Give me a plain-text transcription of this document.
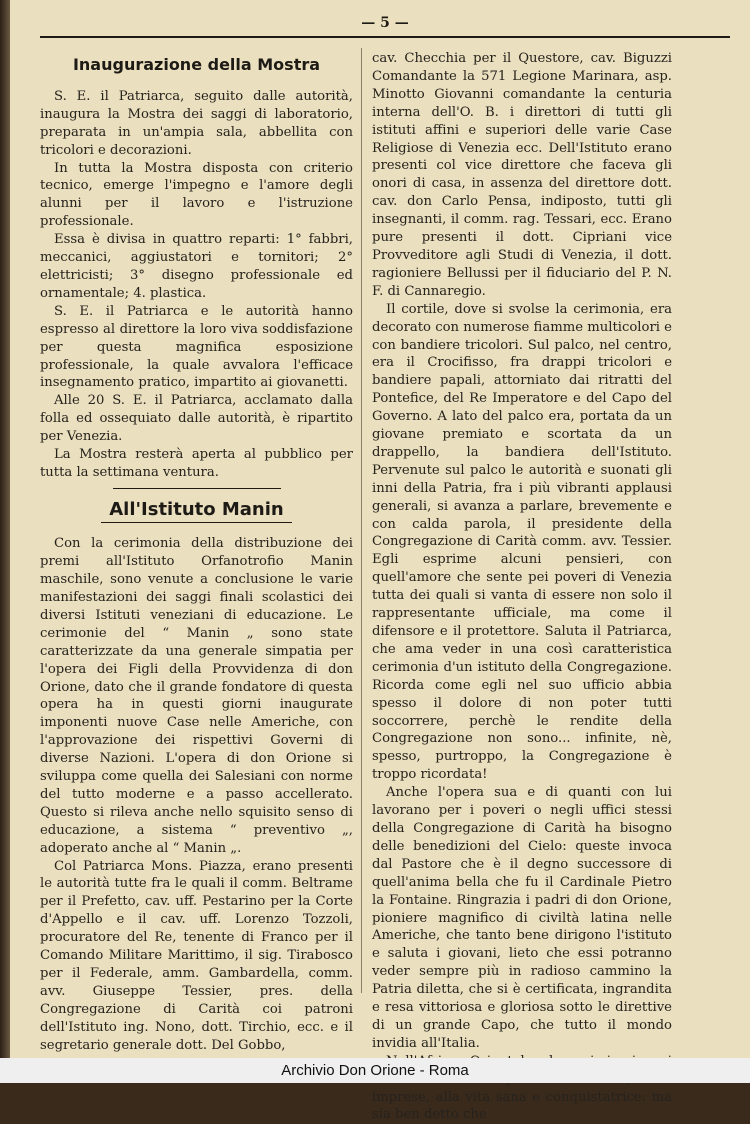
— 5 —
Inaugurazione della Mostra

S. E. il Patriarca, seguito dalle autorità, inaugura la Mostra dei saggi di laboratorio, preparata in un'ampia sala, abbellita con tricolori e decorazioni.

In tutta la Mostra disposta con criterio tecnico, emerge l'impegno e l'amore degli alunni per il lavoro e l'istruzione professionale.

Essa è divisa in quattro reparti: 1° fabbri, meccanici, aggiustatori e tornitori; 2° elettricisti; 3° disegno professionale ed ornamentale; 4. plastica.

S. E. il Patriarca e le autorità hanno espresso al direttore la loro viva soddisfazione per questa magnifica esposizione professionale, la quale avvalora l'efficace insegnamento pratico, impartito ai giovanetti.

Alle 20 S. E. il Patriarca, acclamato dalla folla ed ossequiato dalle autorità, è ripartito per Venezia.

La Mostra resterà aperta al pubblico per tutta la settimana ventura.

All'Istituto Manin

Con la cerimonia della distribuzione dei premi all'Istituto Orfanotrofio Manin maschile, sono venute a conclusione le varie manifestazioni dei saggi finali scolastici dei diversi Istituti veneziani di educazione. Le cerimonie del “ Manin „ sono state caratterizzate da una generale simpatia per l'opera dei Figli della Provvidenza di don Orione, dato che il grande fondatore di questa opera ha in questi giorni inaugurate imponenti nuove Case nelle Americhe, con l'approvazione dei rispettivi Governi di diverse Nazioni. L'opera di don Orione si sviluppa come quella dei Salesiani con norme del tutto moderne e a passo accellerato. Questo si rileva anche nello squisito senso di educazione, a sistema “ preventivo „, adoperato anche al “ Manin „.

Col Patriarca Mons. Piazza, erano presenti le autorità tutte fra le quali il comm. Beltrame per il Prefetto, cav. uff. Pestarino per la Corte d'Appello e il cav. uff. Lorenzo Tozzoli, procuratore del Re, tenente di Franco per il Comando Militare Marittimo, il sig. Tirabosco per il Federale, amm. Gambardella, comm. avv. Giuseppe Tessier, pres. della Congregazione di Carità coi patroni dell'Istituto ing. Nono, dott. Tirchio, ecc. e il segretario generale dott. Del Gobbo,

cav. Checchia per il Questore, cav. Biguzzi Comandante la 571 Legione Marinara, asp. Minotto Giovanni comandante la centuria interna dell'O. B. i direttori di tutti gli istituti affini e superiori delle varie Case Religiose di Venezia ecc. Dell'Istituto erano presenti col vice direttore che faceva gli onori di casa, in assenza del direttore dott. cav. don Carlo Pensa, indiposto, tutti gli insegnanti, il comm. rag. Tessari, ecc. Erano pure presenti il dott. Cipriani vice Provveditore agli Studi di Venezia, il dott. ragioniere Bellussi per il fiduciario del P. N. F. di Cannaregio.

Il cortile, dove si svolse la cerimonia, era decorato con numerose fiamme multicolori e con bandiere tricolori. Sul palco, nel centro, era il Crocifisso, fra drappi tricolori e bandiere papali, attorniato dai ritratti del Pontefice, del Re Imperatore e del Capo del Governo. A lato del palco era, portata da un giovane premiato e scortata da un drappello, la bandiera dell'Istituto. Pervenute sul palco le autorità e suonati gli inni della Patria, fra i più vibranti applausi generali, si avanza a parlare, brevemente e con calda parola, il presidente della Congregazione di Carità comm. avv. Tessier. Egli esprime alcuni pensieri, con quell'amore che sente pei poveri di Venezia tutta dei quali si vanta di essere non solo il rappresentante ufficiale, ma come il difensore e il protettore. Saluta il Patriarca, che ama veder in una così caratteristica cerimonia d'un istituto della Congregazione. Ricorda come egli nel suo ufficio abbia spesso il dolore di non poter tutti soccorrere, perchè le rendite della Congregazione non sono... infinite, nè, spesso, purtroppo, la Congregazione è troppo ricordata!

Anche l'opera sua e di quanti con lui lavorano per i poveri o negli uffici stessi della Congregazione di Carità ha bisogno delle benedizioni del Cielo: queste invoca dal Pastore che è il degno successore di quell'anima bella che fu il Cardinale Pietro la Fontaine. Ringrazia i padri di don Orione, pioniere magnifico di civiltà latina nelle Americhe, che tanto bene dirigono l'istituto e saluta i giovani, lieto che essi potranno veder sempre più in radioso cammino la Patria diletta, che si è certificata, ingrandita e resa vittoriosa e gloriosa sotto le direttive di un grande Capo, che tutto il mondo invidia all'Italia.

imprese, alla vita sana e conquistatrice: ma sia ben detto che

Archivio Don Orione - Roma
